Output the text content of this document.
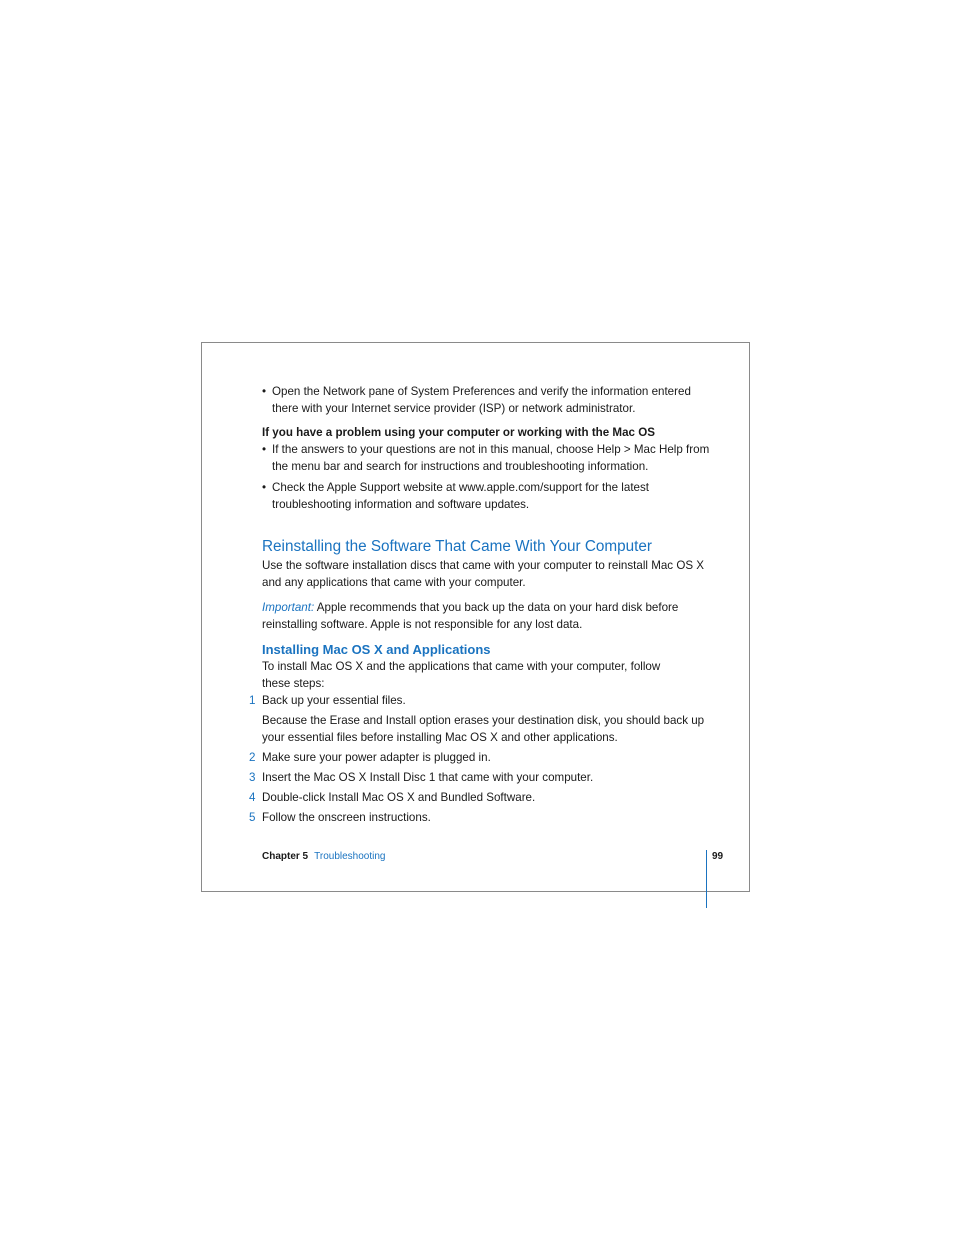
• Open the Network pane of System Preferences and verify the information entered there with your Internet service provider (ISP) or network administrator.

If you have a problem using your computer or working with the Mac OS

• If the answers to your questions are not in this manual, choose Help > Mac Help from the menu bar and search for instructions and troubleshooting information.

• Check the Apple Support website at www.apple.com/support for the latest troubleshooting information and software updates.

Reinstalling the Software That Came With Your Computer

Use the software installation discs that came with your computer to reinstall Mac OS X and any applications that came with your computer.

Important: Apple recommends that you back up the data on your hard disk before reinstalling software. Apple is not responsible for any lost data.

Installing Mac OS X and Applications

To install Mac OS X and the applications that came with your computer, follow

these steps:

1 Back up your essential files.

Because the Erase and Install option erases your destination disk, you should back up your essential files before installing Mac OS X and other applications.

2 Make sure your power adapter is plugged in.

3 Insert the Mac OS X Install Disc 1 that came with your computer.

4 Double-click Install Mac OS X and Bundled Software.

5 Follow the onscreen instructions.

Chapter 5 Troubleshooting	99
